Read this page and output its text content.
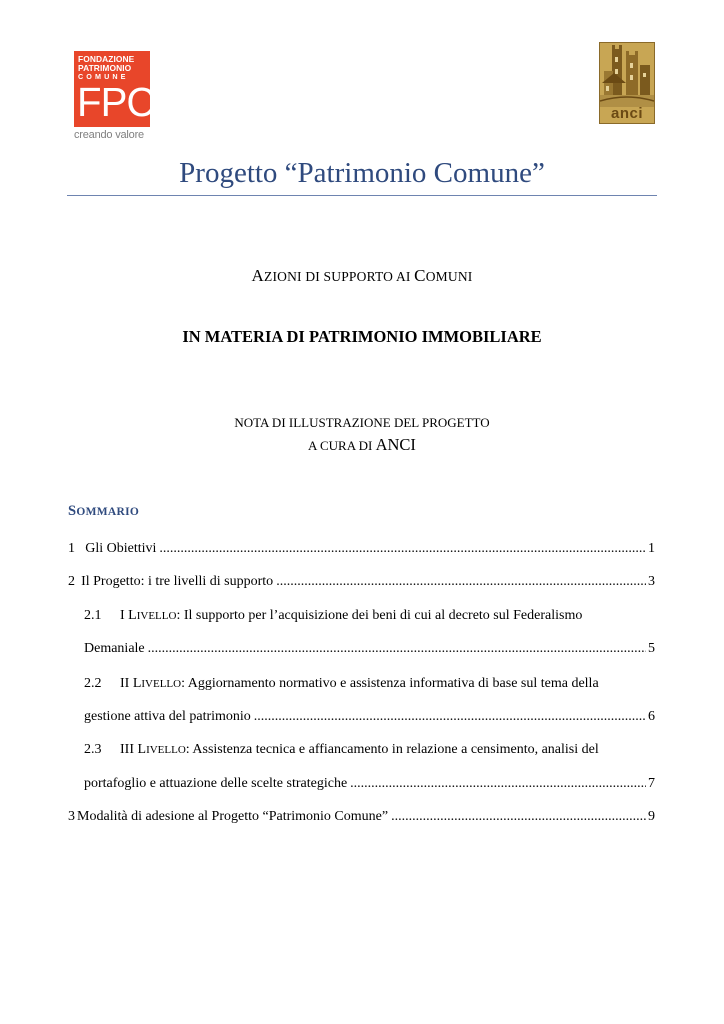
FONDAZIONE
PATRIMONIO
COMUNE
FPC
creando valore
anci
Progetto “Patrimonio Comune”
AZIONI DI SUPPORTO AI COMUNI
IN MATERIA DI PATRIMONIO IMMOBILIARE
NOTA DI ILLUSTRAZIONE DEL PROGETTO
A CURA DI ANCI
SOMMARIO
1 Gli Obiettivi .....	1
2 Il Progetto: i tre livelli di supporto .....	3
2.1	I LIVELLO: Il supporto per l’acquisizione dei beni di cui al decreto sul Federalismo
Demaniale .....	5
2.2	II LIVELLO: Aggiornamento normativo e assistenza informativa di base sul tema della
gestione attiva del patrimonio .....	6
2.3	III LIVELLO: Assistenza tecnica e affiancamento in relazione a censimento, analisi del
portafoglio e attuazione delle scelte strategiche .....	7
3 Modalità di adesione al Progetto “Patrimonio Comune” .....	9
